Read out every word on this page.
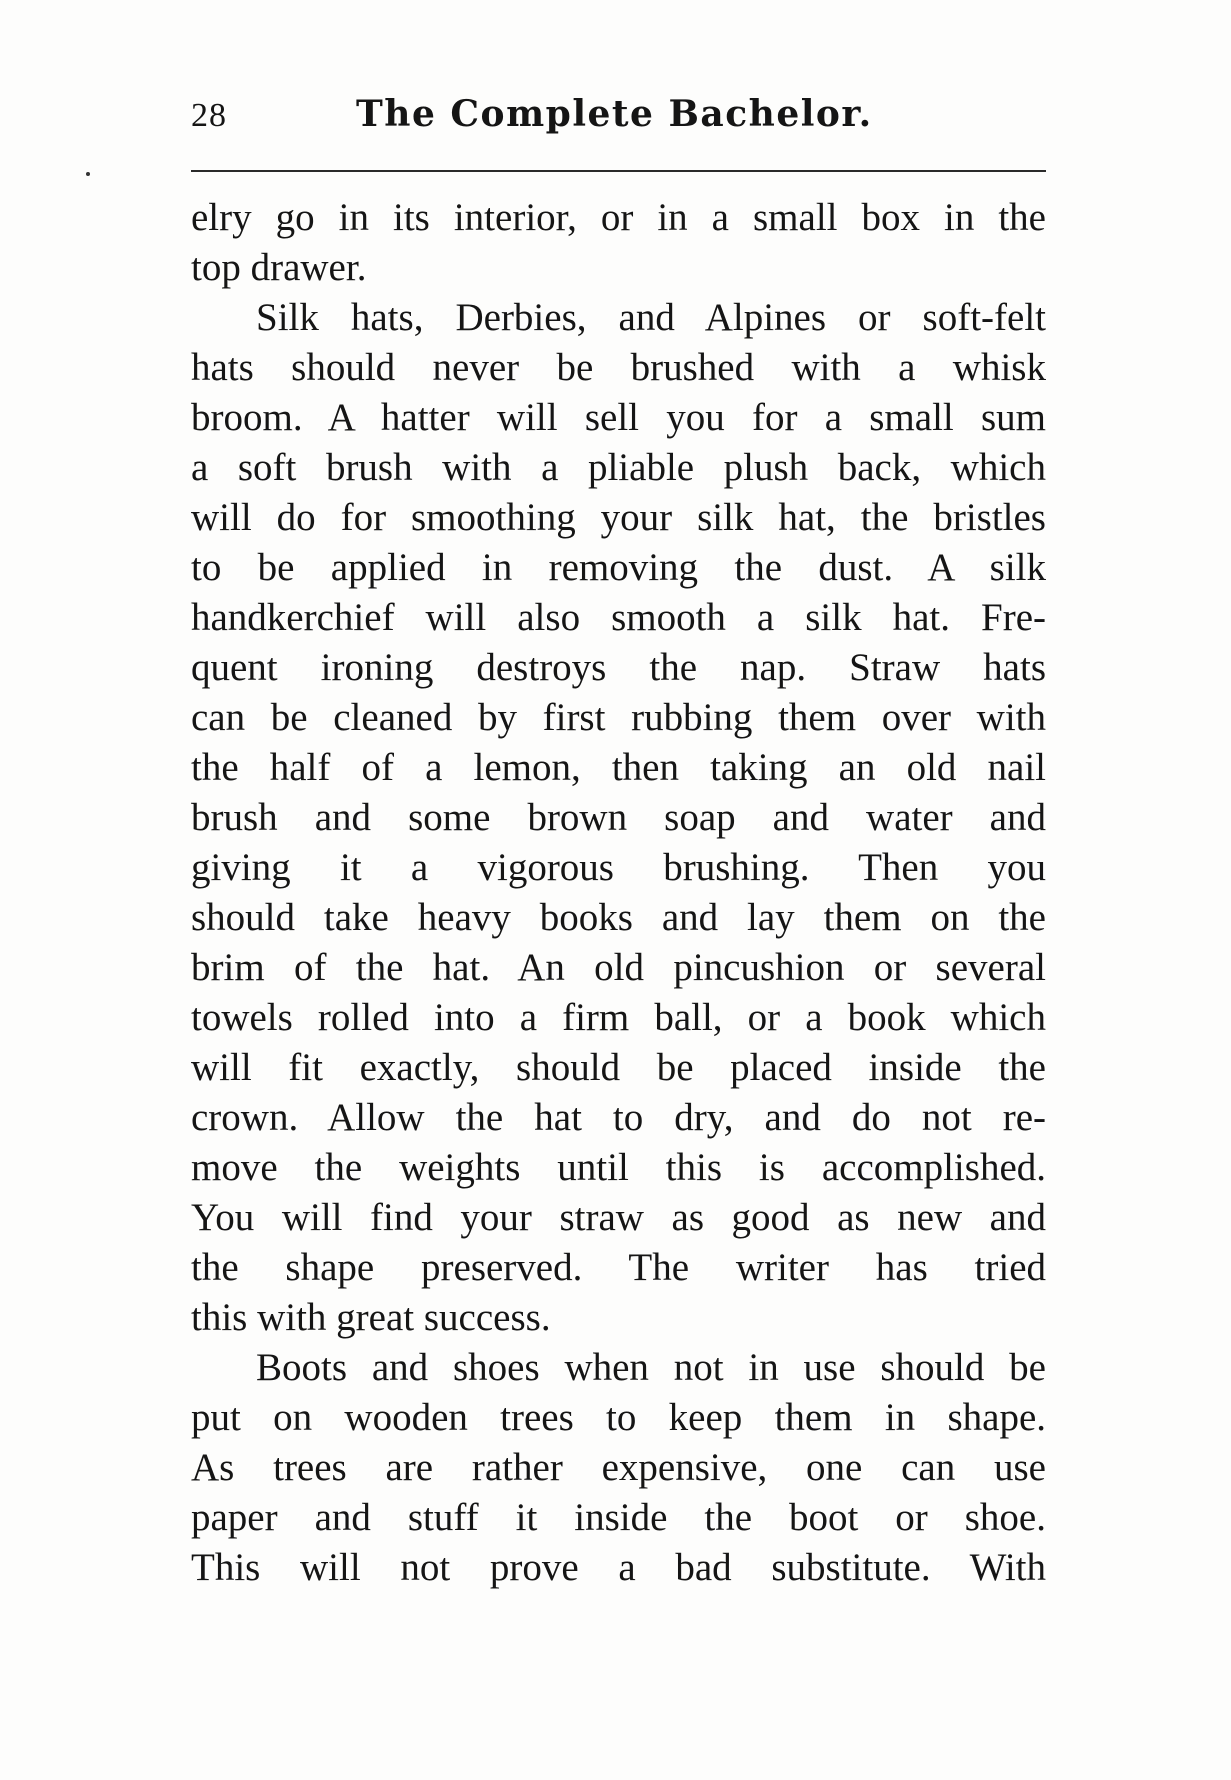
28	The Complete Bachelor.
elry go in its interior, or in a small box in the
top drawer.
Silk hats, Derbies, and Alpines or soft-felt
hats should never be brushed with a whisk
broom. A hatter will sell you for a small sum
a soft brush with a pliable plush back, which
will do for smoothing your silk hat, the bristles
to be applied in removing the dust. A silk
handkerchief will also smooth a silk hat. Fre-
quent ironing destroys the nap. Straw hats
can be cleaned by first rubbing them over with
the half of a lemon, then taking an old nail
brush and some brown soap and water and
giving it a vigorous brushing. Then you
should take heavy books and lay them on the
brim of the hat. An old pincushion or several
towels rolled into a firm ball, or a book which
will fit exactly, should be placed inside the
crown. Allow the hat to dry, and do not re-
move the weights until this is accomplished.
You will find your straw as good as new and
the shape preserved. The writer has tried
this with great success.
Boots and shoes when not in use should be
put on wooden trees to keep them in shape.
As trees are rather expensive, one can use
paper and stuff it inside the boot or shoe.
This will not prove a bad substitute. With
